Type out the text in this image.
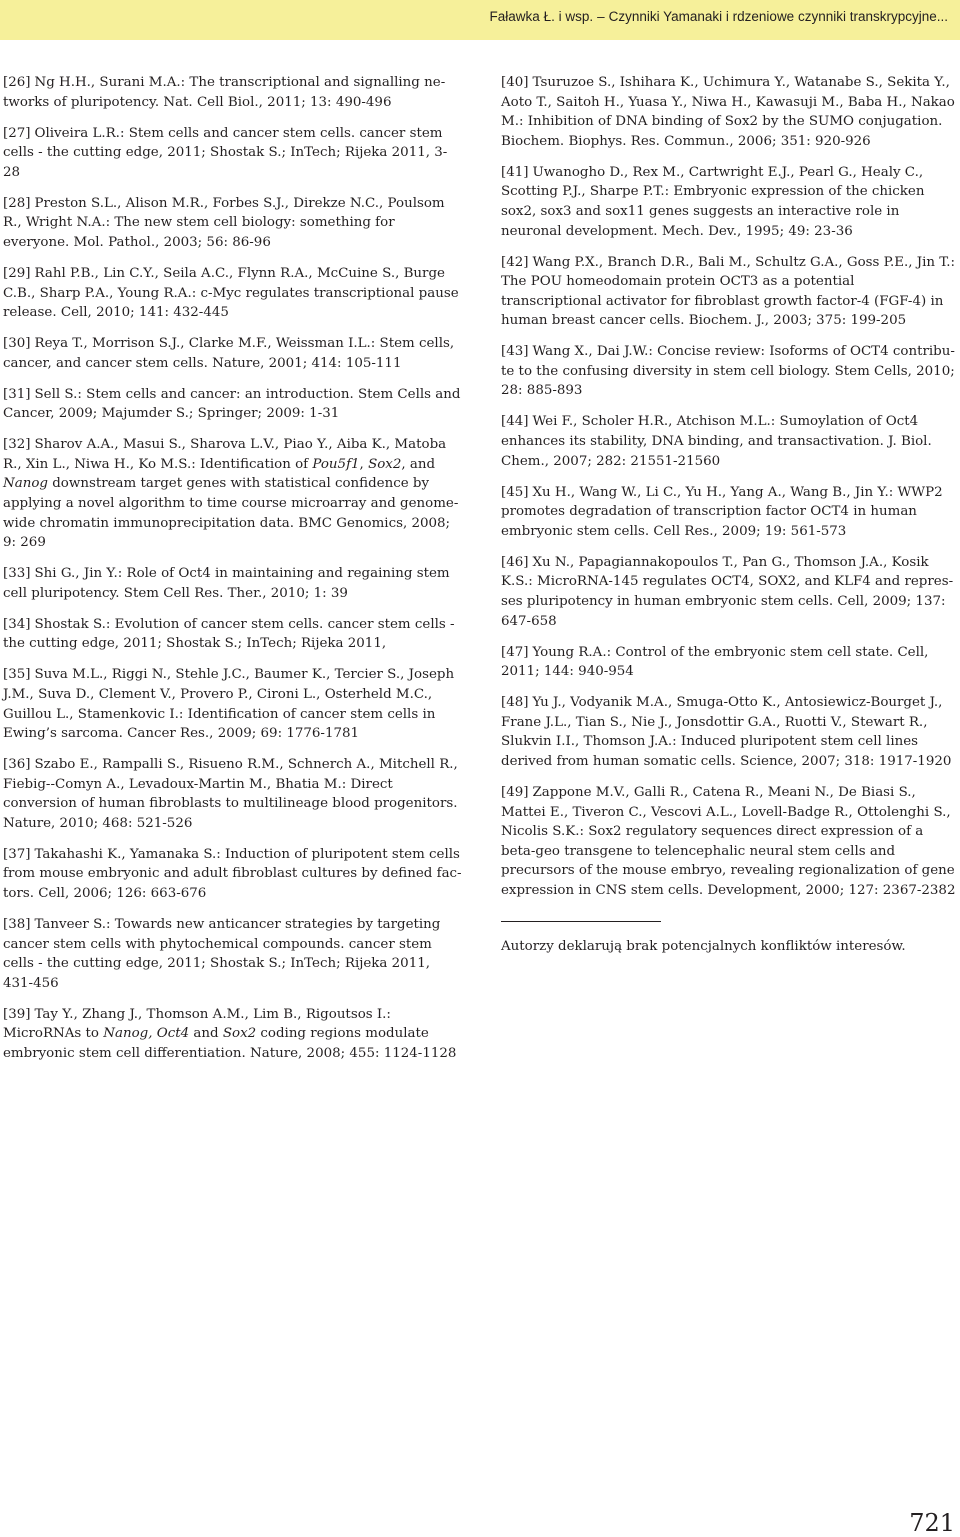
Faławka Ł. i wsp. – Czynniki Yamanaki i rdzeniowe czynniki transkrypcyjne...
[26] Ng H.H., Surani M.A.: The transcriptional and signalling networks of pluripotency. Nat. Cell Biol., 2011; 13: 490-496
[27] Oliveira L.R.: Stem cells and cancer stem cells. cancer stem cells - the cutting edge, 2011; Shostak S.; InTech; Rijeka 2011, 3-28
[28] Preston S.L., Alison M.R., Forbes S.J., Direkze N.C., Poulsom R., Wright N.A.: The new stem cell biology: something for everyone. Mol. Pathol., 2003; 56: 86-96
[29] Rahl P.B., Lin C.Y., Seila A.C., Flynn R.A., McCuine S., Burge C.B., Sharp P.A., Young R.A.: c-Myc regulates transcriptional pause release. Cell, 2010; 141: 432-445
[30] Reya T., Morrison S.J., Clarke M.F., Weissman I.L.: Stem cells, cancer, and cancer stem cells. Nature, 2001; 414: 105-111
[31] Sell S.: Stem cells and cancer: an introduction. Stem Cells and Cancer, 2009; Majumder S.; Springer; 2009: 1-31
[32] Sharov A.A., Masui S., Sharova L.V., Piao Y., Aiba K., Matoba R., Xin L., Niwa H., Ko M.S.: Identification of Pou5f1, Sox2, and Nanog downstream target genes with statistical confidence by applying a novel algorithm to time course microarray and genome-wide chromatin immunoprecipitation data. BMC Genomics, 2008; 9: 269
[33] Shi G., Jin Y.: Role of Oct4 in maintaining and regaining stem cell pluripotency. Stem Cell Res. Ther., 2010; 1: 39
[34] Shostak S.: Evolution of cancer stem cells. cancer stem cells - the cutting edge, 2011; Shostak S.; InTech; Rijeka 2011,
[35] Suva M.L., Riggi N., Stehle J.C., Baumer K., Tercier S., Joseph J.M., Suva D., Clement V., Provero P., Cironi L., Osterheld M.C., Guillou L., Stamenkovic I.: Identification of cancer stem cells in Ewing’s sarcoma. Cancer Res., 2009; 69: 1776-1781
[36] Szabo E., Rampalli S., Risueno R.M., Schnerch A., Mitchell R., Fiebig--Comyn A., Levadoux-Martin M., Bhatia M.: Direct conversion of human fibroblasts to multilineage blood progenitors. Nature, 2010; 468: 521-526
[37] Takahashi K., Yamanaka S.: Induction of pluripotent stem cells from mouse embryonic and adult fibroblast cultures by defined factors. Cell, 2006; 126: 663-676
[38] Tanveer S.: Towards new anticancer strategies by targeting cancer stem cells with phytochemical compounds. cancer stem cells - the cutting edge, 2011; Shostak S.; InTech; Rijeka 2011, 431-456
[39] Tay Y., Zhang J., Thomson A.M., Lim B., Rigoutsos I.: MicroRNAs to Nanog, Oct4 and Sox2 coding regions modulate embryonic stem cell differentiation. Nature, 2008; 455: 1124-1128
[40] Tsuruzoe S., Ishihara K., Uchimura Y., Watanabe S., Sekita Y., Aoto T., Saitoh H., Yuasa Y., Niwa H., Kawasuji M., Baba H., Nakao M.: Inhibition of DNA binding of Sox2 by the SUMO conjugation. Biochem. Biophys. Res. Commun., 2006; 351: 920-926
[41] Uwanogho D., Rex M., Cartwright E.J., Pearl G., Healy C., Scotting P.J., Sharpe P.T.: Embryonic expression of the chicken sox2, sox3 and sox11 genes suggests an interactive role in neuronal development. Mech. Dev., 1995; 49: 23-36
[42] Wang P.X., Branch D.R., Bali M., Schultz G.A., Goss P.E., Jin T.: The POU homeodomain protein OCT3 as a potential transcriptional activator for fibroblast growth factor-4 (FGF-4) in human breast cancer cells. Biochem. J., 2003; 375: 199-205
[43] Wang X., Dai J.W.: Concise review: Isoforms of OCT4 contribute to the confusing diversity in stem cell biology. Stem Cells, 2010; 28: 885-893
[44] Wei F., Scholer H.R., Atchison M.L.: Sumoylation of Oct4 enhances its stability, DNA binding, and transactivation. J. Biol. Chem., 2007; 282: 21551-21560
[45] Xu H., Wang W., Li C., Yu H., Yang A., Wang B., Jin Y.: WWP2 promotes degradation of transcription factor OCT4 in human embryonic stem cells. Cell Res., 2009; 19: 561-573
[46] Xu N., Papagiannakopoulos T., Pan G., Thomson J.A., Kosik K.S.: MicroRNA-145 regulates OCT4, SOX2, and KLF4 and represses pluripotency in human embryonic stem cells. Cell, 2009; 137: 647-658
[47] Young R.A.: Control of the embryonic stem cell state. Cell, 2011; 144: 940-954
[48] Yu J., Vodyanik M.A., Smuga-Otto K., Antosiewicz-Bourget J., Frane J.L., Tian S., Nie J., Jonsdottir G.A., Ruotti V., Stewart R., Slukvin I.I., Thomson J.A.: Induced pluripotent stem cell lines derived from human somatic cells. Science, 2007; 318: 1917-1920
[49] Zappone M.V., Galli R., Catena R., Meani N., De Biasi S., Mattei E., Tiveron C., Vescovi A.L., Lovell-Badge R., Ottolenghi S., Nicolis S.K.: Sox2 regulatory sequences direct expression of a beta-geo transgene to telencephalic neural stem cells and precursors of the mouse embryo, revealing regionalization of gene expression in CNS stem cells. Development, 2000; 127: 2367-2382
Autorzy deklarują brak potencjalnych konfliktów interesów.
721
